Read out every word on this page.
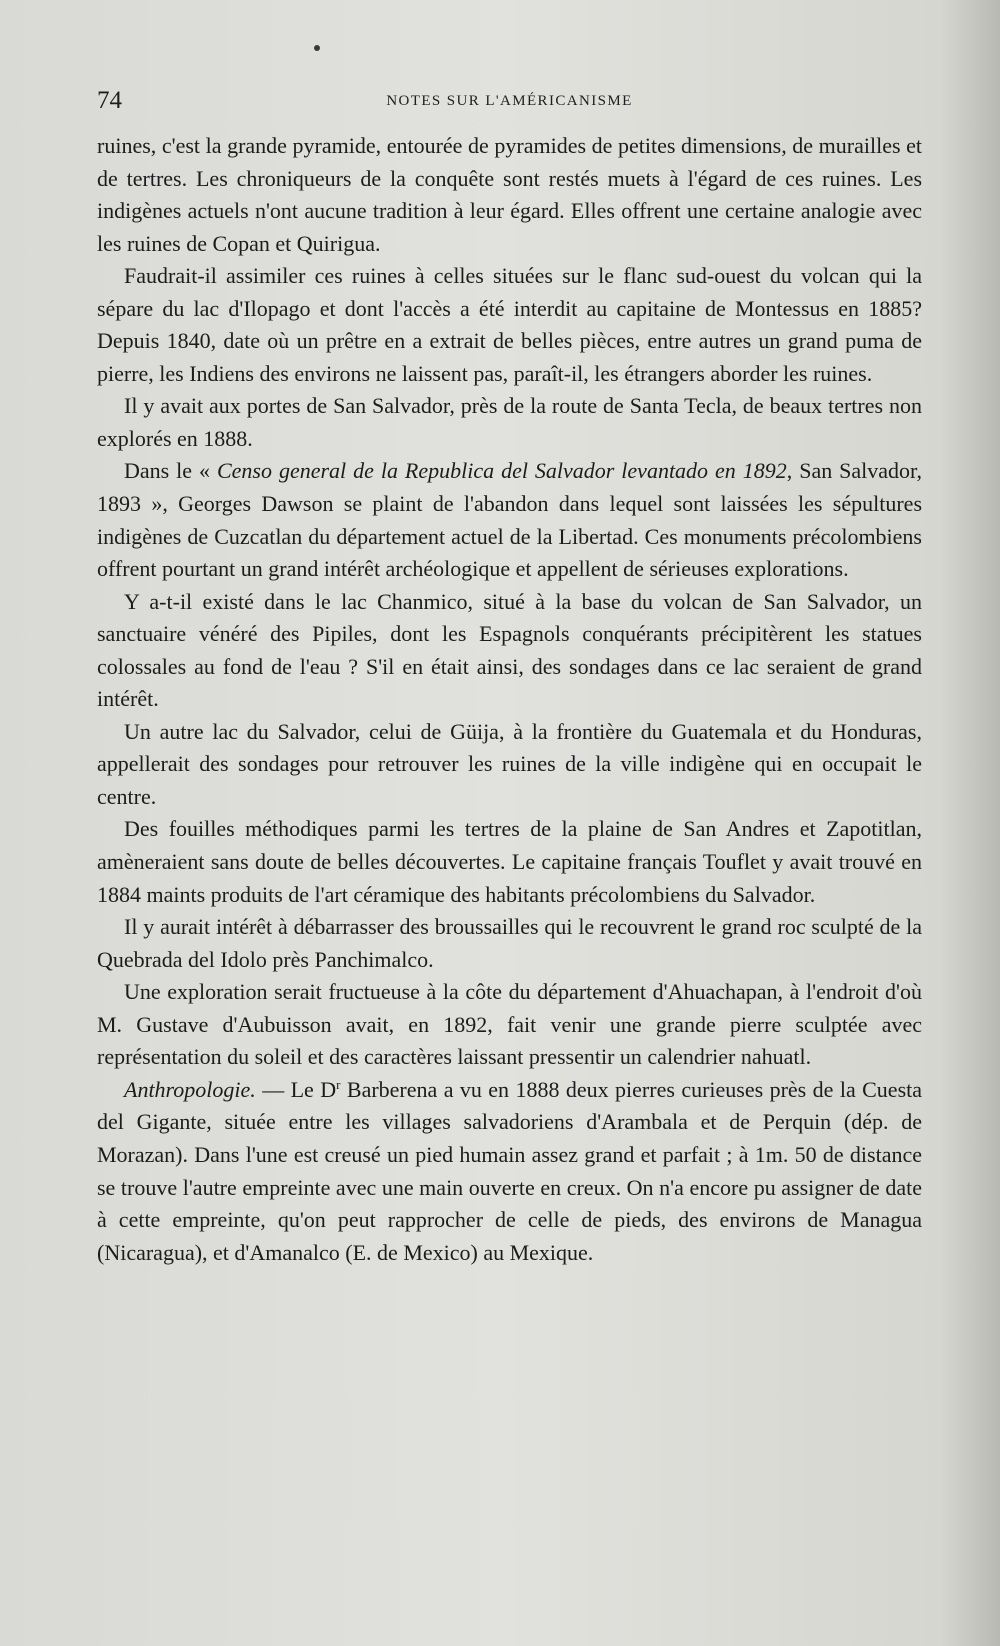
74	NOTES SUR L'AMÉRICANISME

ruines, c'est la grande pyramide, entourée de pyramides de petites dimensions, de murailles et de tertres. Les chroniqueurs de la conquête sont restés muets à l'égard de ces ruines. Les indigènes actuels n'ont aucune tradition à leur égard. Elles offrent une certaine analogie avec les ruines de Copan et Quirigua.

Faudrait-il assimiler ces ruines à celles situées sur le flanc sud-ouest du volcan qui la sépare du lac d'Ilopago et dont l'accès a été interdit au capitaine de Montessus en 1885? Depuis 1840, date où un prêtre en a extrait de belles pièces, entre autres un grand puma de pierre, les Indiens des environs ne laissent pas, paraît-il, les étrangers aborder les ruines.

Il y avait aux portes de San Salvador, près de la route de Santa Tecla, de beaux tertres non explorés en 1888.

Dans le « Censo general de la Republica del Salvador levantado en 1892, San Salvador, 1893 », Georges Dawson se plaint de l'abandon dans lequel sont laissées les sépultures indigènes de Cuzcatlan du département actuel de la Libertad. Ces monuments précolombiens offrent pourtant un grand intérêt archéologique et appellent de sérieuses explorations.

Y a-t-il existé dans le lac Chanmico, situé à la base du volcan de San Salvador, un sanctuaire vénéré des Pipiles, dont les Espagnols conquérants précipitèrent les statues colossales au fond de l'eau ? S'il en était ainsi, des sondages dans ce lac seraient de grand intérêt.

Un autre lac du Salvador, celui de Güija, à la frontière du Guatemala et du Honduras, appellerait des sondages pour retrouver les ruines de la ville indigène qui en occupait le centre.

Des fouilles méthodiques parmi les tertres de la plaine de San Andres et Zapotitlan, amèneraient sans doute de belles découvertes. Le capitaine français Touflet y avait trouvé en 1884 maints produits de l'art céramique des habitants précolombiens du Salvador.

Il y aurait intérêt à débarrasser des broussailles qui le recouvrent le grand roc sculpté de la Quebrada del Idolo près Panchimalco.

Une exploration serait fructueuse à la côte du département d'Ahuachapan, à l'endroit d'où M. Gustave d'Aubuisson avait, en 1892, fait venir une grande pierre sculptée avec représentation du soleil et des caractères laissant pressentir un calendrier nahuatl.

Anthropologie. — Le $D^r$ Barberena a vu en 1888 deux pierres curieuses près de la Cuesta del Gigante, située entre les villages salvadoriens d'Arambala et de Perquin (dép. de Morazan). Dans l'une est creusé un pied humain assez grand et parfait ; à 1m. 50 de distance se trouve l'autre empreinte avec une main ouverte en creux. On n'a encore pu assigner de date à cette empreinte, qu'on peut rapprocher de celle de pieds, des environs de Managua (Nicaragua), et d'Amanalco (E. de Mexico) au Mexique.
